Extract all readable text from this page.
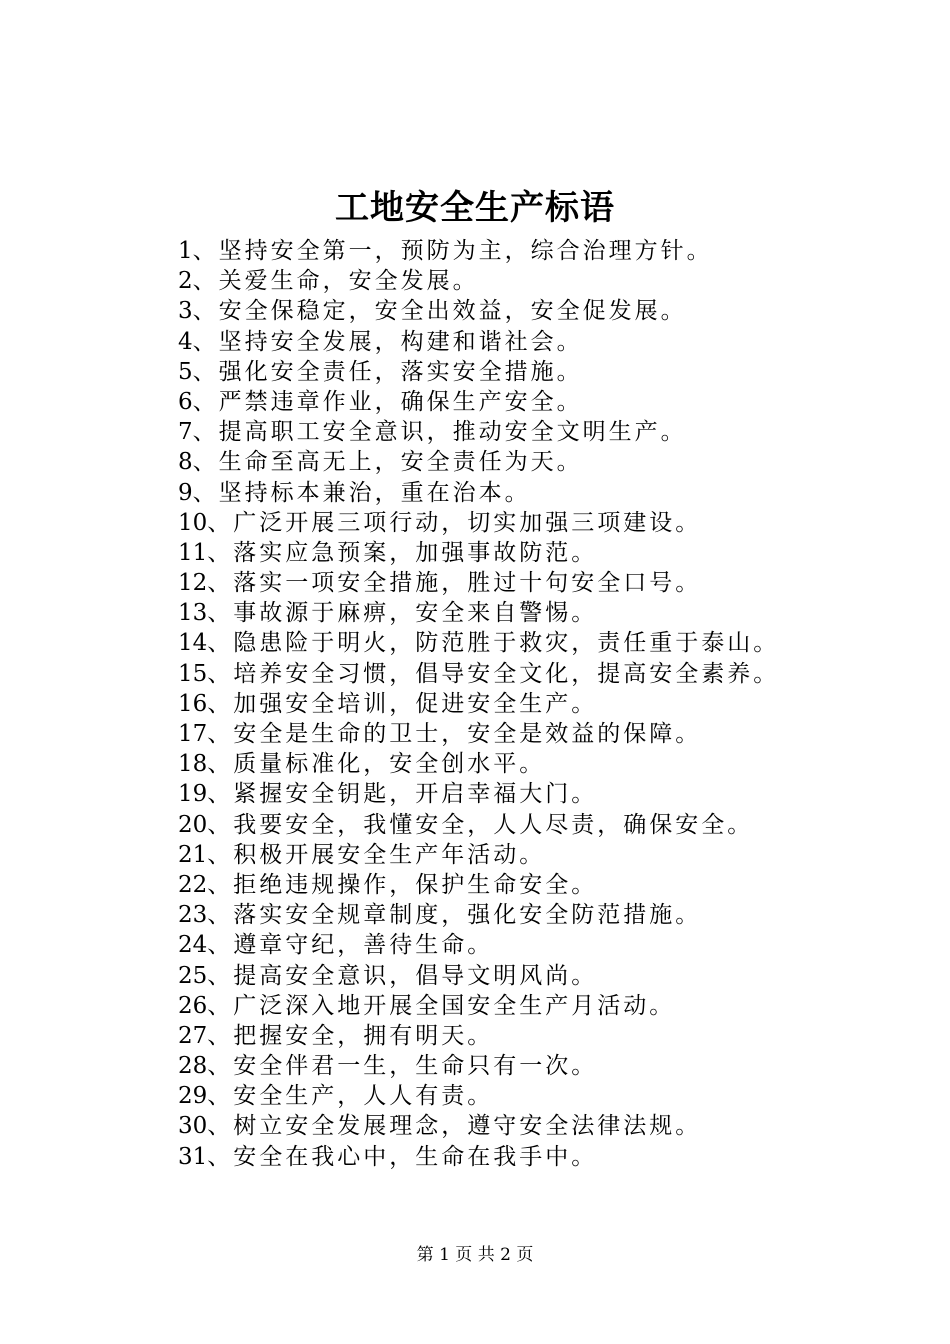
工地安全生产标语
1、坚持安全第一，预防为主，综合治理方针。
2、关爱生命，安全发展。
3、安全保稳定，安全出效益，安全促发展。
4、坚持安全发展，构建和谐社会。
5、强化安全责任，落实安全措施。
6、严禁违章作业，确保生产安全。
7、提高职工安全意识，推动安全文明生产。
8、生命至高无上，安全责任为天。
9、坚持标本兼治，重在治本。
10、广泛开展三项行动，切实加强三项建设。
11、落实应急预案，加强事故防范。
12、落实一项安全措施，胜过十句安全口号。
13、事故源于麻痹，安全来自警惕。
14、隐患险于明火，防范胜于救灾，责任重于泰山。
15、培养安全习惯，倡导安全文化，提高安全素养。
16、加强安全培训，促进安全生产。
17、安全是生命的卫士，安全是效益的保障。
18、质量标准化，安全创水平。
19、紧握安全钥匙，开启幸福大门。
20、我要安全，我懂安全，人人尽责，确保安全。
21、积极开展安全生产年活动。
22、拒绝违规操作，保护生命安全。
23、落实安全规章制度，强化安全防范措施。
24、遵章守纪，善待生命。
25、提高安全意识，倡导文明风尚。
26、广泛深入地开展全国安全生产月活动。
27、把握安全，拥有明天。
28、安全伴君一生，生命只有一次。
29、安全生产，人人有责。
30、树立安全发展理念，遵守安全法律法规。
31、安全在我心中，生命在我手中。
第 1 页 共 2 页
